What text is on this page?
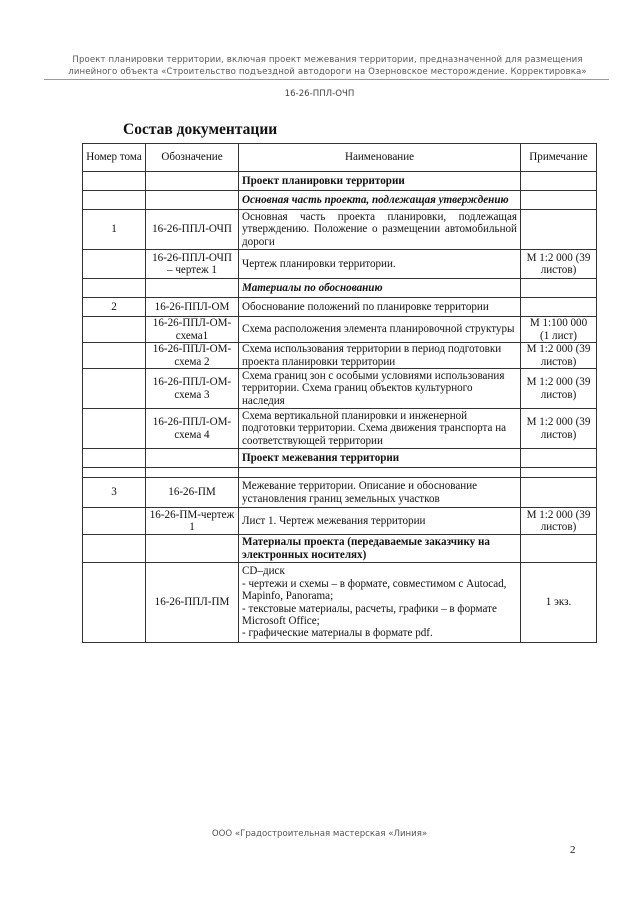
Проект планировки территории, включая проект межевания территории, предназначенной для размещения
линейного объекта «Строительство подъездной автодороги на Озерновское месторождение. Корректировка»
16-26-ППЛ-ОЧП
Состав документации
Номер тома	Обозначение	Наименование	Примечание
		Проект планировки территории	
		Основная часть проекта, подлежащая утверждению	
1	16-26-ППЛ-ОЧП	Основная часть проекта планировки, подлежащая утверждению. Положение о размещении автомобильной дороги	

	16-26-ППЛ-ОЧП – чертеж 1	Чертеж планировки территории.	М 1:2 000 (39 листов)
		Материалы по обоснованию	
2	16-26-ППЛ-ОМ	Обоснование положений по планировке территории	
	16-26-ППЛ-ОМ-схема1	Схема расположения элемента планировочной структуры	М 1:100 000 (1 лист)
	16-26-ППЛ-ОМ-схема 2	Схема использования территории в период подготовки проекта планировки территории	М 1:2 000 (39 листов)
	16-26-ППЛ-ОМ-схема 3	Схема границ зон с особыми условиями использования территории. Схема границ объектов культурного наследия	М 1:2 000 (39 листов)
	16-26-ППЛ-ОМ-схема 4	Схема вертикальной планировки и инженерной подготовки территории. Схема движения транспорта на соответствующей территории	М 1:2 000 (39 листов)
		Проект межевания территории	

3	16-26-ПМ	Межевание территории. Описание и обоснование установления границ земельных участков	
	16-26-ПМ-чертеж 1	Лист 1. Чертеж межевания территории	М 1:2 000 (39 листов)
		Материалы проекта (передаваемые заказчику на электронных носителях)	
	16-26-ППЛ-ПМ	CD–диск
- чертежи и схемы – в формате, совместимом с Autocad, Mapinfo, Panorama;
- текстовые материалы, расчеты, графики – в формате Microsoft Office;
- графические материалы в формате pdf.	1 экз.
ООО «Градостроительная мастерская «Линия»
2
